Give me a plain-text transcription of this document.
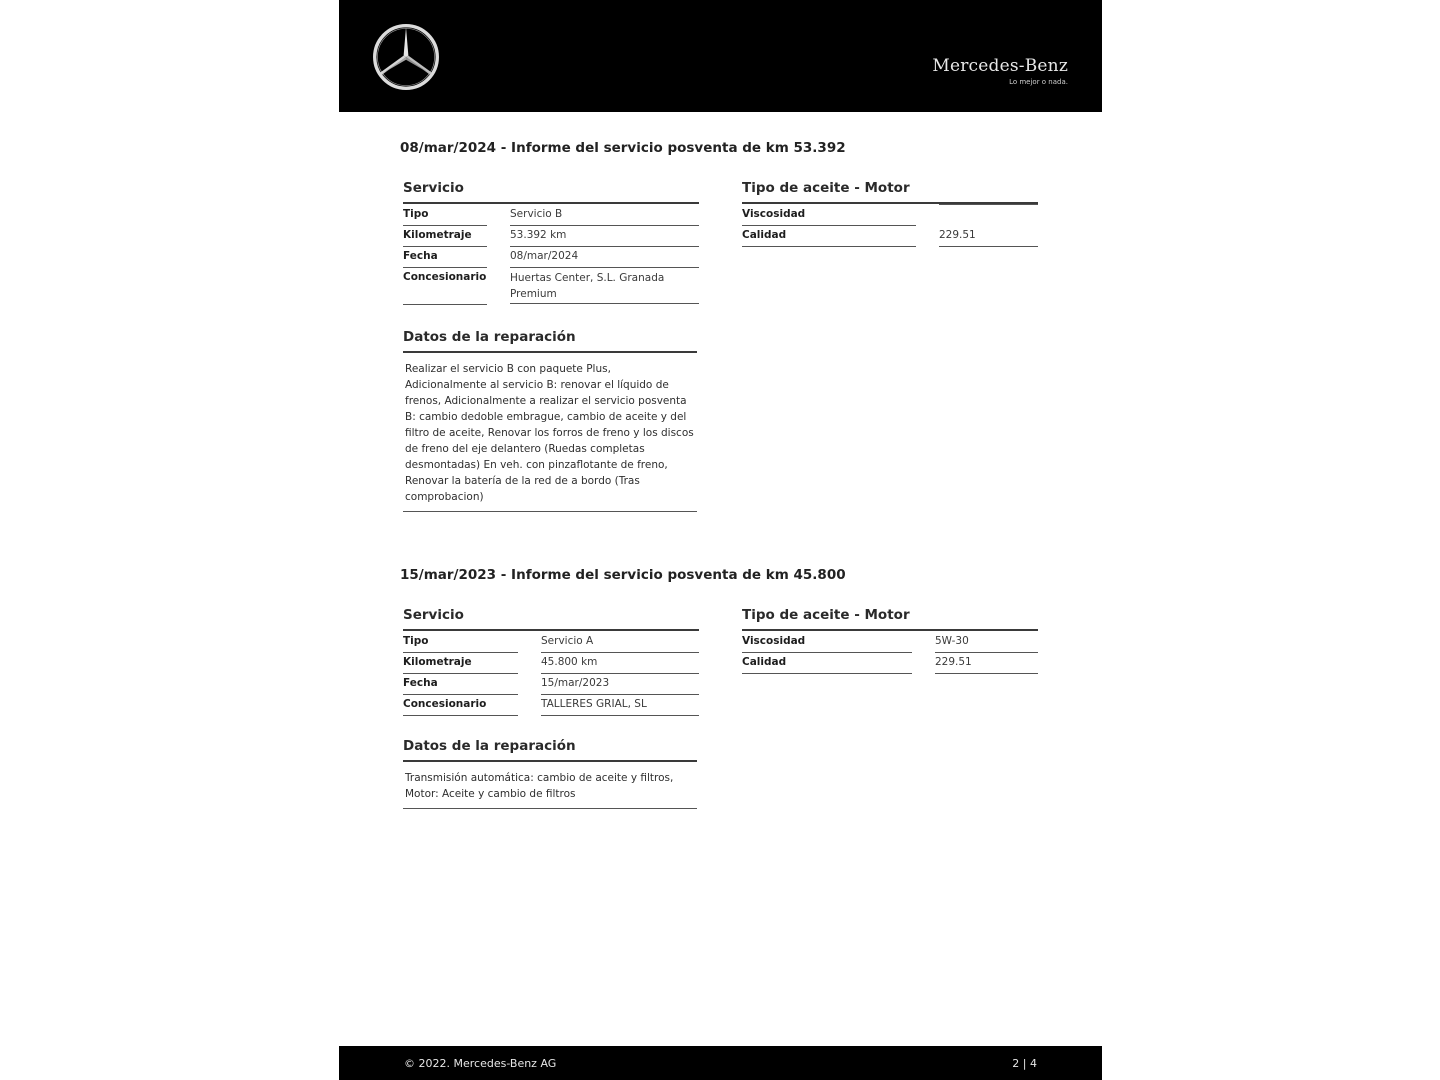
Mercedes-Benz
Lo mejor o nada.
08/mar/2024 - Informe del servicio posventa de km 53.392
Servicio
Tipo	Servicio B
Kilometraje	53.392 km
Fecha	08/mar/2024
Concesionario Huertas Center, S.L. Granada Premium
Datos de la reparación
Realizar el servicio B con paquete Plus, Adicionalmente al servicio B: renovar el líquido de frenos, Adicionalmente a realizar el servicio posventa B: cambio dedoble embrague, cambio de aceite y del filtro de aceite, Renovar los forros de freno y los discos de freno del eje delantero (Ruedas completas desmontadas) En veh. con pinzaflotante de freno, Renovar la batería de la red de a bordo (Tras comprobacion)
Tipo de aceite - Motor
Viscosidad
Calidad	229.51
15/mar/2023 - Informe del servicio posventa de km 45.800
Servicio
Tipo	Servicio A
Kilometraje	45.800 km
Fecha	15/mar/2023
Concesionario	TALLERES GRIAL, SL
Datos de la reparación
Transmisión automática: cambio de aceite y filtros, Motor: Aceite y cambio de filtros
Tipo de aceite - Motor
Viscosidad	5W-30
Calidad	229.51
© 2022. Mercedes-Benz AG	2 | 4
